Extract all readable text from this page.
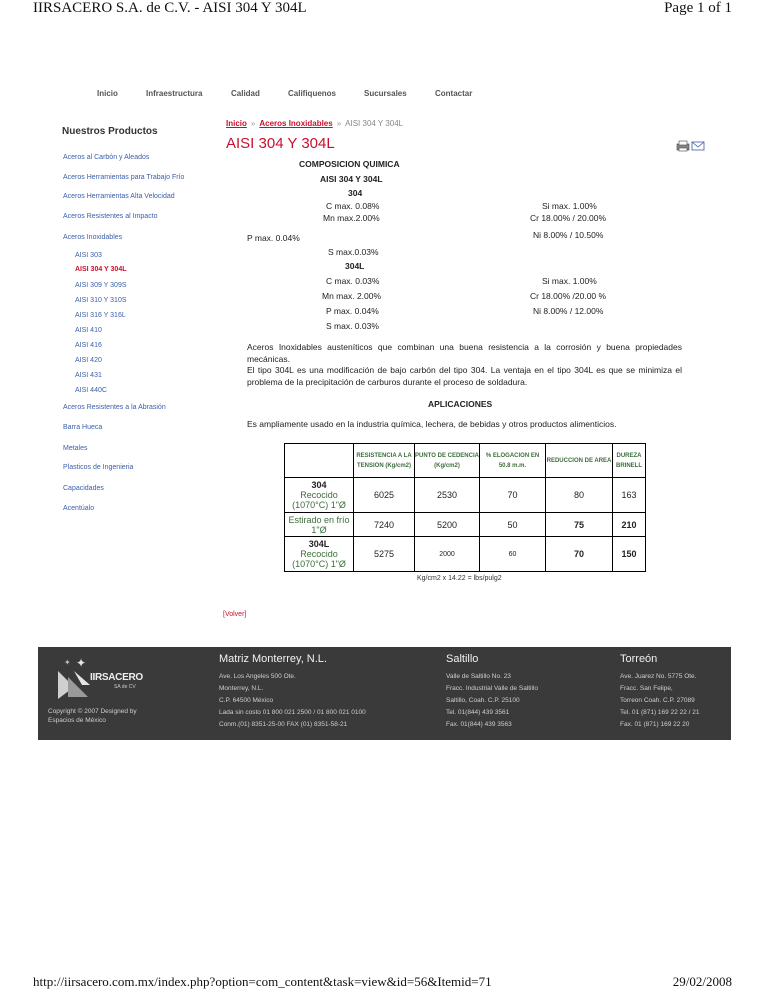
IIRSACERO S.A. de C.V. - AISI 304 Y 304L	Page 1 of 1
Inicio	Infraestructura	Calidad	Califiquenos	Sucursales	Contactar
Nuestros Productos
Aceros al Carbón y Aleados
Aceros Herramientas para Trabajo Frío
Aceros Herramientas Alta Velocidad
Aceros Resistentes al Impacto
Aceros Inoxidables
AISI 303
AISI 304 Y 304L
AISI 309 Y 309S
AISI 310 Y 310S
AISI 316 Y 316L
AISI 410
AISI 416
AISI 420
AISI 431
AISI 440C
Aceros Resistentes a la Abrasión
Barra Hueca
Metales
Plasticos de Ingenieria
Capacidades
Acentúalo
Inicio » Aceros Inoxidables » AISI 304 Y 304L
AISI 304 Y 304L
COMPOSICION QUIMICA
AISI 304 Y 304L
304
C max. 0.08%
Mn max.2.00%
P max. 0.04%
S max.0.03%
Si max. 1.00%
Cr 18.00% / 20.00%
Ni 8.00% / 10.50%
304L
C max. 0.03%
Mn max. 2.00%
P max. 0.04%
S max. 0.03%
Si max. 1.00%
Cr 18.00% /20.00 %
Ni 8.00% / 12.00%
Aceros Inoxidables austeníticos que combinan una buena resistencia a la corrosión y buena propiedades mecánicas.
El tipo 304L es una modificación de bajo carbón del tipo 304. La ventaja en el tipo 304L es que se minimiza el problema de la precipitación de carburos durante el proceso de soldadura.
APLICACIONES
Es ampliamente usado en la industria química, lechera, de bebidas y otros productos alimenticios.
	RESISTENCIA A LA TENSION (Kg/cm2)	PUNTO DE CEDENCIA (Kg/cm2)	% ELOGACION EN 50.8 m.m.	REDUCCION DE AREA	DUREZA BRINELL
304
Recocido (1070°C) 1"Ø	6025	2530	70	80	163
Estirado en frío 1"Ø	7240	5200	50	75	210
304L
Recocido (1070°C) 1"Ø	5275	2000	60	70	150
Kg/cm2 x 14.22 = lbs/pulg2
[Volver]
✦
✦
IIRSACERO
SA de CV
Copyright © 2007 Designed by
Espacios de México
Matriz Monterrey, N.L.
Ave. Los Angeles 500 Ote.
Monterrey, N.L.
C.P. 64500 México
Lada sin costo 01 800 021 2500 / 01 800 021 0100
Conm.(01) 8351-25-00 FAX (01) 8351-58-21
Saltillo
Valle de Saltillo No. 23
Fracc. Industrial Valle de Saltillo
Saltillo, Coah. C.P. 25100
Tel. 01(844) 439 3561
Fax. 01(844) 439 3563
Torreón
Ave. Juarez No. 5775 Ote.
Fracc. San Felipe,
Torreon Coah. C.P. 27089
Tel. 01 (871) 169 22 22 / 21
Fax. 01 (871) 169 22 20
http://iirsacero.com.mx/index.php?option=com_content&task=view&id=56&Itemid=71	29/02/2008
